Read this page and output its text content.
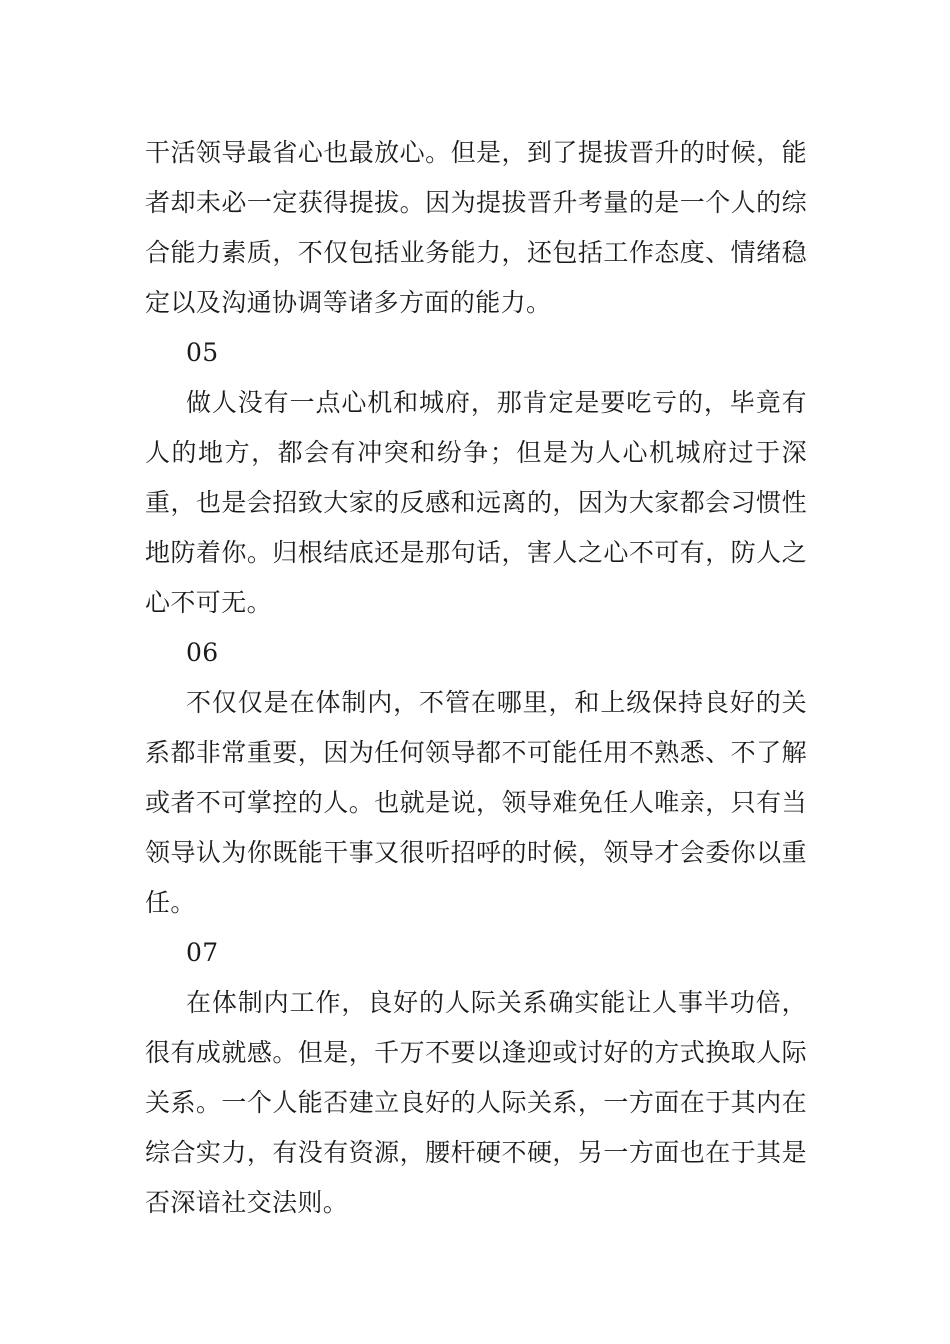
干活领导最省心也最放心。但是，到了提拔晋升的时候，能者却未必一定获得提拔。因为提拔晋升考量的是一个人的综合能力素质，不仅包括业务能力，还包括工作态度、情绪稳定以及沟通协调等诸多方面的能力。

05

做人没有一点心机和城府，那肯定是要吃亏的，毕竟有人的地方，都会有冲突和纷争；但是为人心机城府过于深重，也是会招致大家的反感和远离的，因为大家都会习惯性地防着你。归根结底还是那句话，害人之心不可有，防人之心不可无。

06

不仅仅是在体制内，不管在哪里，和上级保持良好的关系都非常重要，因为任何领导都不可能任用不熟悉、不了解或者不可掌控的人。也就是说，领导难免任人唯亲，只有当领导认为你既能干事又很听招呼的时候，领导才会委你以重任。

07

在体制内工作，良好的人际关系确实能让人事半功倍，很有成就感。但是，千万不要以逢迎或讨好的方式换取人际关系。一个人能否建立良好的人际关系，一方面在于其内在综合实力，有没有资源，腰杆硬不硬，另一方面也在于其是否深谙社交法则。
